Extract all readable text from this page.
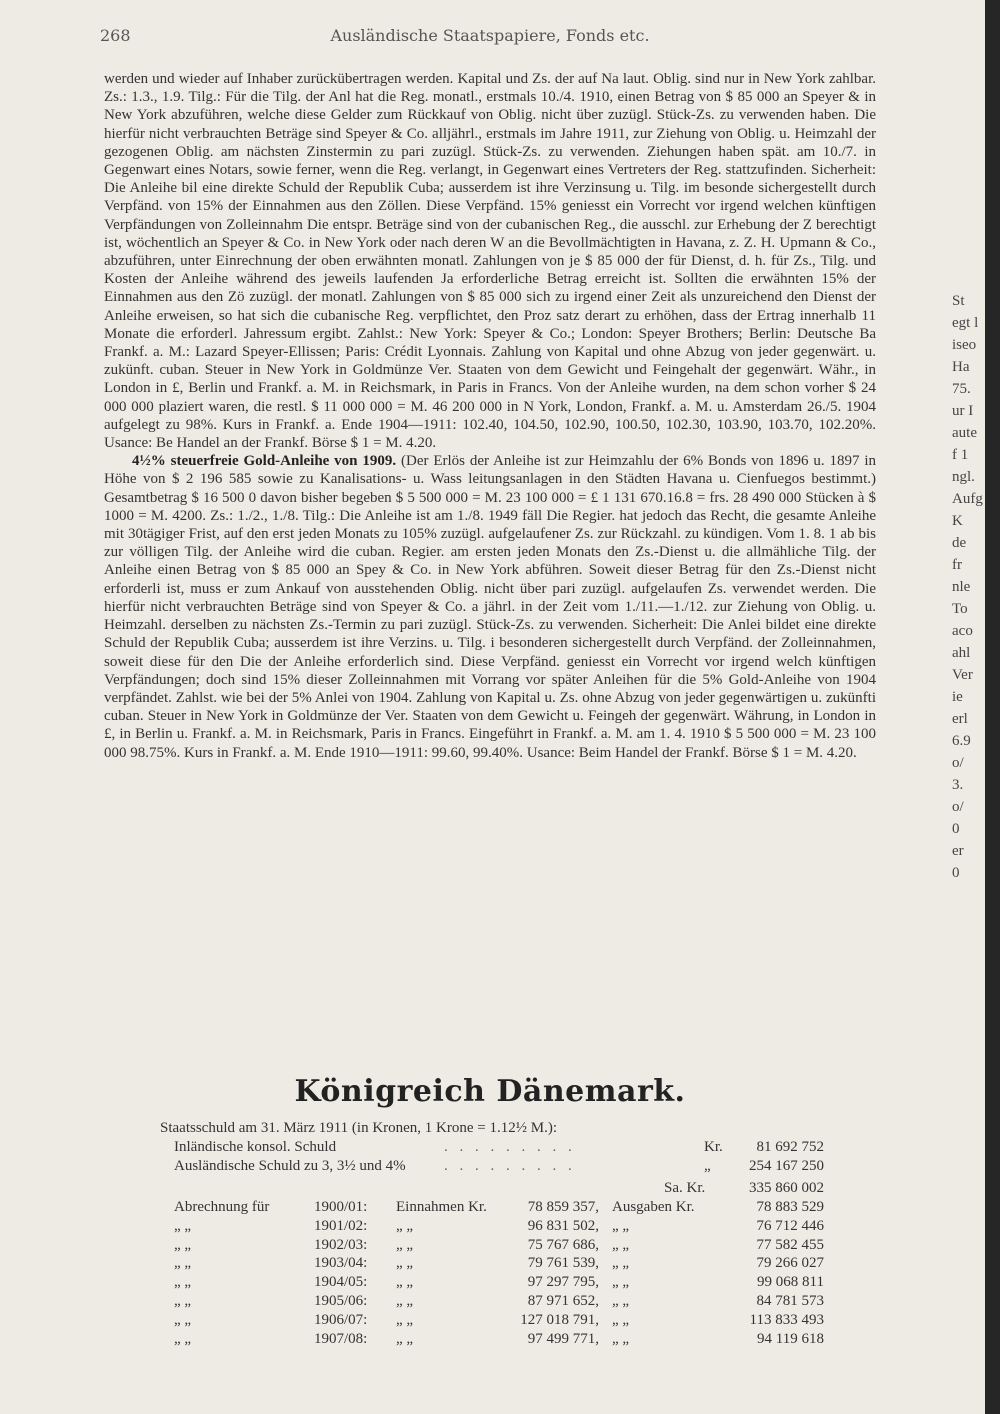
268	Ausländische Staatspapiere, Fonds etc.

werden und wieder auf Inhaber zurückübertragen werden. Kapital und Zs. der auf Na laut. Oblig. sind nur in New York zahlbar. Zs.: 1.3., 1.9. Tilg.: Für die Tilg. der Anl hat die Reg. monatl., erstmals 10./4. 1910, einen Betrag von $ 85 000 an Speyer & in New York abzuführen, welche diese Gelder zum Rückkauf von Oblig. nicht über zuzügl. Stück-Zs. zu verwenden haben. Die hierfür nicht verbrauchten Beträge sind Speyer & Co. alljährl., erstmals im Jahre 1911, zur Ziehung von Oblig. u. Heimzahl der gezogenen Oblig. am nächsten Zinstermin zu pari zuzügl. Stück-Zs. zu verwenden. Ziehungen haben spät. am 10./7. in Gegenwart eines Notars, sowie ferner, wenn die Reg. verlangt, in Gegenwart eines Vertreters der Reg. stattzufinden. Sicherheit: Die Anleihe bil eine direkte Schuld der Republik Cuba; ausserdem ist ihre Verzinsung u. Tilg. im besonde sichergestellt durch Verpfänd. von 15% der Einnahmen aus den Zöllen. Diese Verpfänd. 15% geniesst ein Vorrecht vor irgend welchen künftigen Verpfändungen von Zolleinnahm Die entspr. Beträge sind von der cubanischen Reg., die ausschl. zur Erhebung der Z berechtigt ist, wöchentlich an Speyer & Co. in New York oder nach deren W an die Bevollmächtigten in Havana, z. Z. H. Upmann & Co., abzuführen, unter Einrechnung der oben erwähnten monatl. Zahlungen von je $ 85 000 der für Dienst, d. h. für Zs., Tilg. und Kosten der Anleihe während des jeweils laufenden Ja erforderliche Betrag erreicht ist. Sollten die erwähnten 15% der Einnahmen aus den Zö zuzügl. der monatl. Zahlungen von $ 85 000 sich zu irgend einer Zeit als unzureichend den Dienst der Anleihe erweisen, so hat sich die cubanische Reg. verpflichtet, den Proz satz derart zu erhöhen, dass der Ertrag innerhalb 11 Monate die erforderl. Jahressum ergibt. Zahlst.: New York: Speyer & Co.; London: Speyer Brothers; Berlin: Deutsche Ba Frankf. a. M.: Lazard Speyer-Ellissen; Paris: Crédit Lyonnais. Zahlung von Kapital und ohne Abzug von jeder gegenwärt. u. zukünft. cuban. Steuer in New York in Goldmünze Ver. Staaten von dem Gewicht und Feingehalt der gegenwärt. Währ., in London in £, Berlin und Frankf. a. M. in Reichsmark, in Paris in Francs. Von der Anleihe wurden, na dem schon vorher $ 24 000 000 plaziert waren, die restl. $ 11 000 000 = M. 46 200 000 in N York, London, Frankf. a. M. u. Amsterdam 26./5. 1904 aufgelegt zu 98%. Kurs in Frankf. a. Ende 1904—1911: 102.40, 104.50, 102.90, 100.50, 102.30, 103.90, 103.70, 102.20%. Usance: Be Handel an der Frankf. Börse $ 1 = M. 4.20.

4½% steuerfreie Gold-Anleihe von 1909. (Der Erlös der Anleihe ist zur Heimzahlu der 6% Bonds von 1896 u. 1897 in Höhe von $ 2 196 585 sowie zu Kanalisations- u. Wass leitungsanlagen in den Städten Havana u. Cienfuegos bestimmt.) Gesamtbetrag $ 16 500 0 davon bisher begeben $ 5 500 000 = M. 23 100 000 = £ 1 131 670.16.8 = frs. 28 490 000 Stücken à $ 1000 = M. 4200. Zs.: 1./2., 1./8. Tilg.: Die Anleihe ist am 1./8. 1949 fäll Die Regier. hat jedoch das Recht, die gesamte Anleihe mit 30tägiger Frist, auf den erst jeden Monats zu 105% zuzügl. aufgelaufener Zs. zur Rückzahl. zu kündigen. Vom 1. 8. 1 ab bis zur völligen Tilg. der Anleihe wird die cuban. Regier. am ersten jeden Monats den Zs.-Dienst u. die allmähliche Tilg. der Anleihe einen Betrag von $ 85 000 an Spey & Co. in New York abführen. Soweit dieser Betrag für den Zs.-Dienst nicht erforderli ist, muss er zum Ankauf von ausstehenden Oblig. nicht über pari zuzügl. aufgelaufen Zs. verwendet werden. Die hierfür nicht verbrauchten Beträge sind von Speyer & Co. a jährl. in der Zeit vom 1./11.—1./12. zur Ziehung von Oblig. u. Heimzahl. derselben zu nächsten Zs.-Termin zu pari zuzügl. Stück-Zs. zu verwenden. Sicherheit: Die Anlei bildet eine direkte Schuld der Republik Cuba; ausserdem ist ihre Verzins. u. Tilg. i besonderen sichergestellt durch Verpfänd. der Zolleinnahmen, soweit diese für den Die der Anleihe erforderlich sind. Diese Verpfänd. geniesst ein Vorrecht vor irgend welch künftigen Verpfändungen; doch sind 15% dieser Zolleinnahmen mit Vorrang vor später Anleihen für die 5% Gold-Anleihe von 1904 verpfändet. Zahlst. wie bei der 5% Anlei von 1904. Zahlung von Kapital u. Zs. ohne Abzug von jeder gegenwärtigen u. zukünfti cuban. Steuer in New York in Goldmünze der Ver. Staaten von dem Gewicht u. Feingeh der gegenwärt. Währung, in London in £, in Berlin u. Frankf. a. M. in Reichsmark, Paris in Francs. Eingeführt in Frankf. a. M. am 1. 4. 1910 $ 5 500 000 = M. 23 100 000 98.75%. Kurs in Frankf. a. M. Ende 1910—1911: 99.60, 99.40%. Usance: Beim Handel der Frankf. Börse $ 1 = M. 4.20.

St
egt l
iseo
Ha
75.
ur I
aute
f 1
ngl.
Aufg
K
de
fr
nle
To
aco
ahl
Ver
ie
erl
6.9
o/
3.
o/
0
er
0
Königreich Dänemark.
Staatsschuld am 31. März 1911 (in Kronen, 1 Krone = 1.12½ M.):
Inländische konsol. Schuld	. . . . . . . . .	Kr.	81 692 752
Ausländische Schuld zu 3, 3½ und 4%	. . . . . . . . .	„	254 167 250
Sa. Kr.	335 860 002
Abrechnung für	1900/01: Einnahmen Kr.	78 859 357, Ausgaben Kr.	78 883 529
„ „	1901/02: „ „	96 831 502, „ „	76 712 446
„ „	1902/03: „ „	75 767 686, „ „	77 582 455
„ „	1903/04: „ „	79 761 539, „ „	79 266 027
„ „	1904/05: „ „	97 297 795, „ „	99 068 811
„ „	1905/06: „ „	87 971 652, „ „	84 781 573
„ „	1906/07: „ „	127 018 791, „ „	113 833 493
„ „	1907/08: „ „	97 499 771, „ „	94 119 618
